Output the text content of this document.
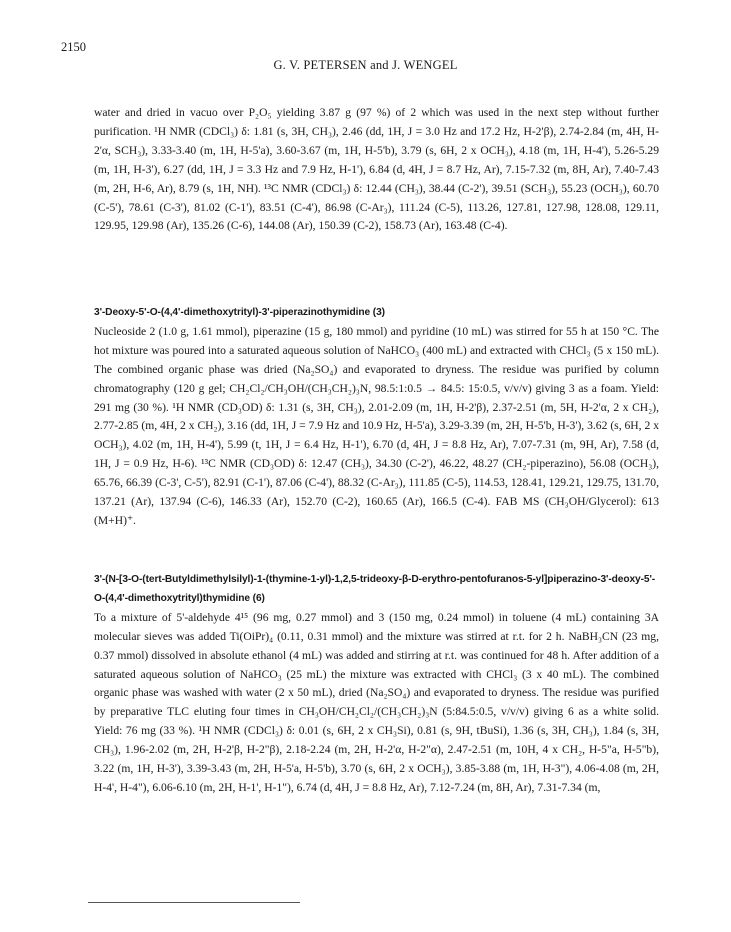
2150
G. V. PETERSEN and J. WENGEL

water and dried in vacuo over P₂O₅ yielding 3.87 g (97 %) of 2 which was used in the next step without further purification. ¹H NMR (CDCl₃) δ: 1.81 (s, 3H, CH₃), 2.46 (dd, 1H, J = 3.0 Hz and 17.2 Hz, H-2'β), 2.74-2.84 (m, 4H, H-2'α, SCH₃), 3.33-3.40 (m, 1H, H-5'a), 3.60-3.67 (m, 1H, H-5'b), 3.79 (s, 6H, 2 x OCH₃), 4.18 (m, 1H, H-4'), 5.26-5.29 (m, 1H, H-3'), 6.27 (dd, 1H, J = 3.3 Hz and 7.9 Hz, H-1'), 6.84 (d, 4H, J = 8.7 Hz, Ar), 7.15-7.32 (m, 8H, Ar), 7.40-7.43 (m, 2H, H-6, Ar), 8.79 (s, 1H, NH). ¹³C NMR (CDCl₃) δ: 12.44 (CH₃), 38.44 (C-2'), 39.51 (SCH₃), 55.23 (OCH₃), 60.70 (C-5'), 78.61 (C-3'), 81.02 (C-1'), 83.51 (C-4'), 86.98 (C-Ar₃), 111.24 (C-5), 113.26, 127.81, 127.98, 128.08, 129.11, 129.95, 129.98 (Ar), 135.26 (C-6), 144.08 (Ar), 150.39 (C-2), 158.73 (Ar), 163.48 (C-4).

3'-Deoxy-5'-O-(4,4'-dimethoxytrityl)-3'-piperazinothymidine (3)

Nucleoside 2 (1.0 g, 1.61 mmol), piperazine (15 g, 180 mmol) and pyridine (10 mL) was stirred for 55 h at 150 °C. The hot mixture was poured into a saturated aqueous solution of NaHCO₃ (400 mL) and extracted with CHCl₃ (5 x 150 mL). The combined organic phase was dried (Na₂SO₄) and evaporated to dryness. The residue was purified by column chromatography (120 g gel; CH₂Cl₂/CH₃OH/(CH₃CH₂)₃N, 98.5:1:0.5 → 84.5: 15:0.5, v/v/v) giving 3 as a foam. Yield: 291 mg (30 %). ¹H NMR (CD₃OD) δ: 1.31 (s, 3H, CH₃), 2.01-2.09 (m, 1H, H-2'β), 2.37-2.51 (m, 5H, H-2'α, 2 x CH₂), 2.77-2.85 (m, 4H, 2 x CH₂), 3.16 (dd, 1H, J = 7.9 Hz and 10.9 Hz, H-5'a), 3.29-3.39 (m, 2H, H-5'b, H-3'), 3.62 (s, 6H, 2 x OCH₃), 4.02 (m, 1H, H-4'), 5.99 (t, 1H, J = 6.4 Hz, H-1'), 6.70 (d, 4H, J = 8.8 Hz, Ar), 7.07-7.31 (m, 9H, Ar), 7.58 (d, 1H, J = 0.9 Hz, H-6). ¹³C NMR (CD₃OD) δ: 12.47 (CH₃), 34.30 (C-2'), 46.22, 48.27 (CH₂-piperazino), 56.08 (OCH₃), 65.76, 66.39 (C-3', C-5'), 82.91 (C-1'), 87.06 (C-4'), 88.32 (C-Ar₃), 111.85 (C-5), 114.53, 128.41, 129.21, 129.75, 131.70, 137.21 (Ar), 137.94 (C-6), 146.33 (Ar), 152.70 (C-2), 160.65 (Ar), 166.5 (C-4). FAB MS (CH₃OH/Glycerol): 613 (M+H)⁺.

3'-(N-[3-O-(tert-Butyldimethylsilyl)-1-(thymine-1-yl)-1,2,5-trideoxy-β-D-erythro-pentofuranos-5-yl]piperazino-3'-deoxy-5'-O-(4,4'-dimethoxytrityl)thymidine (6)

To a mixture of 5'-aldehyde 4¹⁵ (96 mg, 0.27 mmol) and 3 (150 mg, 0.24 mmol) in toluene (4 mL) containing 3A molecular sieves was added Ti(OiPr)₄ (0.11, 0.31 mmol) and the mixture was stirred at r.t. for 2 h. NaBH₃CN (23 mg, 0.37 mmol) dissolved in absolute ethanol (4 mL) was added and stirring at r.t. was continued for 48 h. After addition of a saturated aqueous solution of NaHCO₃ (25 mL) the mixture was extracted with CHCl₃ (3 x 40 mL). The combined organic phase was washed with water (2 x 50 mL), dried (Na₂SO₄) and evaporated to dryness. The residue was purified by preparative TLC eluting four times in CH₃OH/CH₂Cl₂/(CH₃CH₂)₃N (5:84.5:0.5, v/v/v) giving 6 as a white solid. Yield: 76 mg (33 %). ¹H NMR (CDCl₃) δ: 0.01 (s, 6H, 2 x CH₃Si), 0.81 (s, 9H, tBuSi), 1.36 (s, 3H, CH₃), 1.84 (s, 3H, CH₃), 1.96-2.02 (m, 2H, H-2'β, H-2"β), 2.18-2.24 (m, 2H, H-2'α, H-2"α), 2.47-2.51 (m, 10H, 4 x CH₂, H-5"a, H-5"b), 3.22 (m, 1H, H-3'), 3.39-3.43 (m, 2H, H-5'a, H-5'b), 3.70 (s, 6H, 2 x OCH₃), 3.85-3.88 (m, 1H, H-3"), 4.06-4.08 (m, 2H, H-4', H-4"), 6.06-6.10 (m, 2H, H-1', H-1"), 6.74 (d, 4H, J = 8.8 Hz, Ar), 7.12-7.24 (m, 8H, Ar), 7.31-7.34 (m,
